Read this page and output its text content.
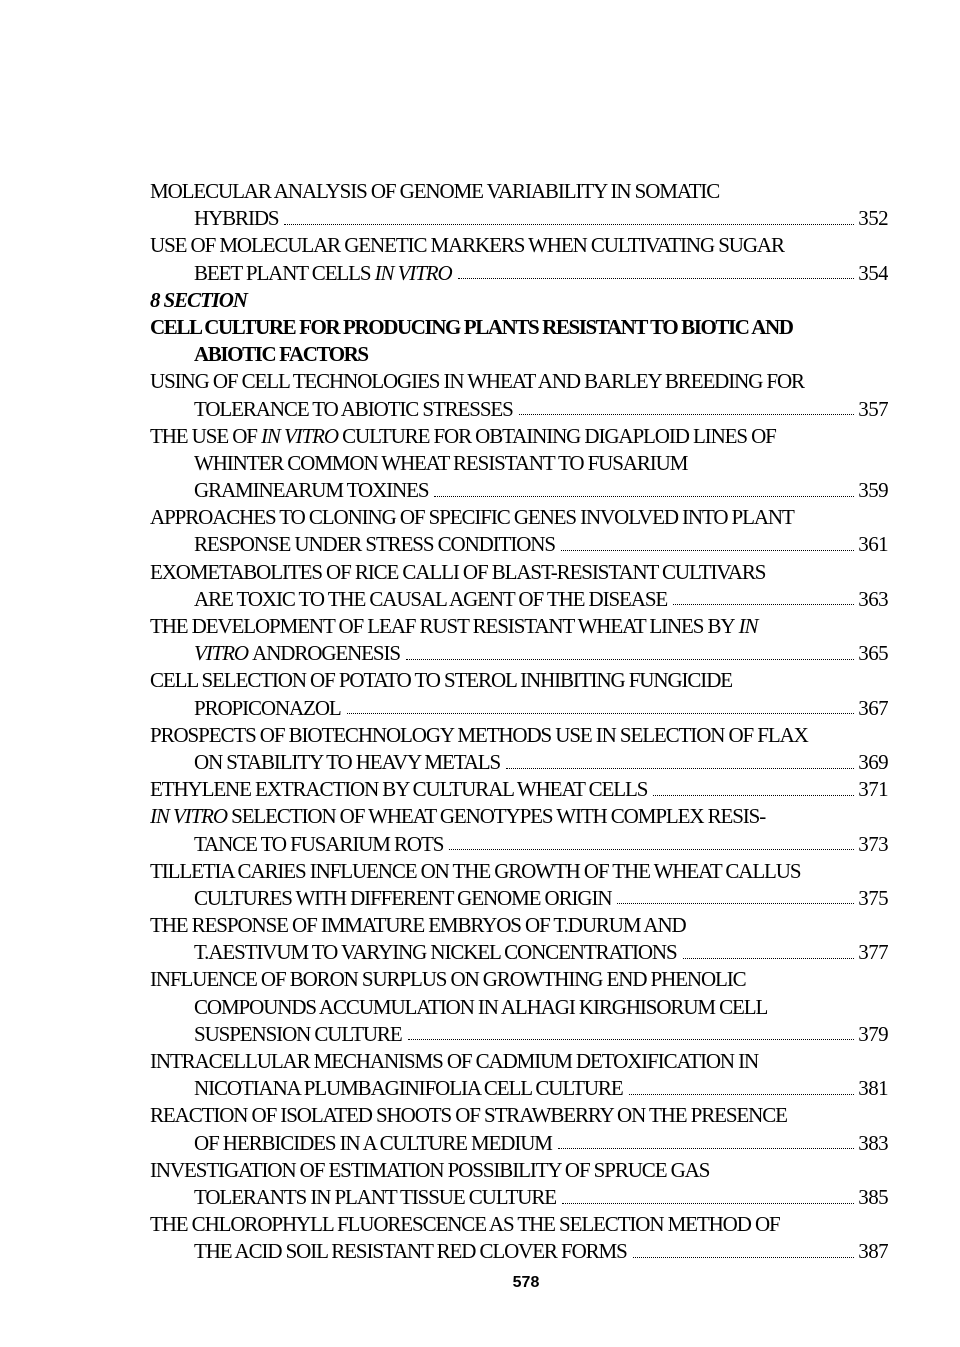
MOLECULAR ANALYSIS OF GENOME VARIABILITY IN SOMATIC
HYBRIDS	352
USE OF MOLECULAR GENETIC MARKERS WHEN CULTIVATING SUGAR
BEET PLANT CELLS
IN VITRO	354
8 SECTION
CELL CULTURE FOR PRODUCING PLANTS RESISTANT TO BIOTIC AND
ABIOTIC FACTORS
USING OF CELL TECHNOLOGIES IN WHEAT AND BARLEY BREEDING FOR
TOLERANCE TO ABIOTIC STRESSES	357
THE USE OF IN VITRO CULTURE FOR OBTAINING DIGAPLOID LINES OF
WHINTER COMMON WHEAT RESISTANT TO FUSARIUM
GRAMINEARUM TOXINES	359
APPROACHES TO CLONING OF SPECIFIC GENES INVOLVED INTO PLANT
RESPONSE UNDER STRESS CONDITIONS	361
EXOMETABOLITES OF RICE CALLI OF BLAST-RESISTANT CULTIVARS
ARE TOXIC TO THE CAUSAL AGENT OF THE DISEASE	363
THE DEVELOPMENT OF LEAF RUST RESISTANT WHEAT LINES BY IN
VITRO
ANDROGENESIS	365
CELL SELECTION OF POTATO TO STEROL INHIBITING FUNGICIDE
PROPICONAZOL	367
PROSPECTS OF BIOTECHNOLOGY METHODS USE IN SELECTION OF FLAX
ON STABILITY TO HEAVY METALS	369
ETHYLENE EXTRACTION BY CULTURAL WHEAT CELLS	371
IN VITRO SELECTION OF WHEAT GENOTYPES WITH COMPLEX RESIS-
TANCE TO FUSARIUM ROTS	373
TILLETIA CARIES INFLUENCE ON THE GROWTH OF THE WHEAT CALLUS
CULTURES WITH DIFFERENT GENOME ORIGIN	375
THE RESPONSE OF IMMATURE EMBRYOS OF T.DURUM AND
T.AESTIVUM TO VARYING NICKEL CONCENTRATIONS	377
INFLUENCE OF BORON SURPLUS ON GROWTHING END PHENOLIC
COMPOUNDS ACCUMULATION IN ALHAGI KIRGHISORUM CELL
SUSPENSION CULTURE	379
INTRACELLULAR MECHANISMS OF CADMIUM DETOXIFICATION IN
NICOTIANA PLUMBAGINIFOLIA CELL CULTURE	381
REACTION OF ISOLATED SHOOTS OF STRAWBERRY ON THE PRESENCE
OF HERBICIDES IN A CULTURE MEDIUM	383
INVESTIGATION OF ESTIMATION POSSIBILITY OF SPRUCE GAS
TOLERANTS IN PLANT TISSUE CULTURE	385
THE CHLOROPHYLL FLUORESCENCE AS THE SELECTION METHOD OF
THE ACID SOIL RESISTANT RED CLOVER FORMS	387
578
